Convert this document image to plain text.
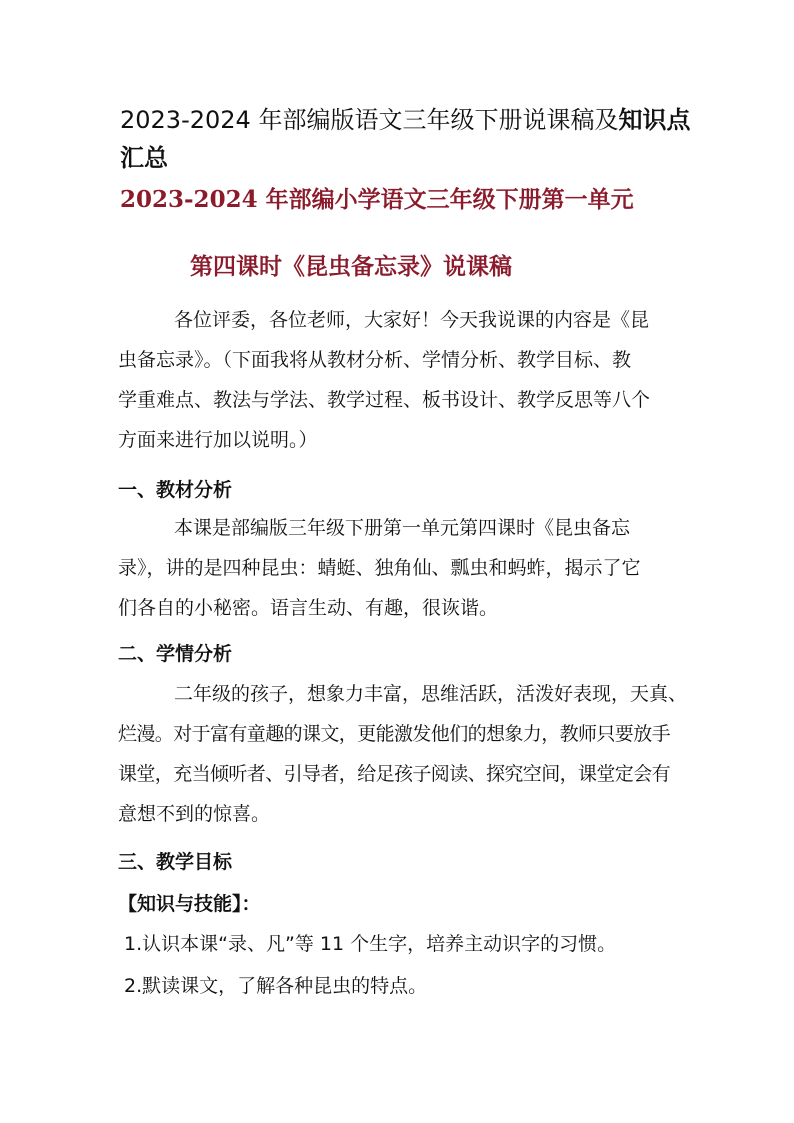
2023-2024 年部编版语文三年级下册说课稿及知识点
汇总
2023-2024 年部编小学语文三年级下册第一单元
第四课时《昆虫备忘录》说课稿
各位评委，各位老师，大家好！今天我说课的内容是《昆
虫备忘录》。（下面我将从教材分析、学情分析、教学目标、教
学重难点、教法与学法、教学过程、板书设计、教学反思等八个
方面来进行加以说明。）
一、教材分析
本课是部编版三年级下册第一单元第四课时《昆虫备忘
录》，讲的是四种昆虫：蜻蜓、独角仙、瓢虫和蚂蚱，揭示了它
们各自的小秘密。语言生动、有趣，很诙谐。
二、学情分析
二年级的孩子，想象力丰富，思维活跃，活泼好表现，天真、
烂漫。对于富有童趣的课文，更能激发他们的想象力，教师只要放手
课堂，充当倾听者、引导者，给足孩子阅读、探究空间，课堂定会有
意想不到的惊喜。
三、教学目标
【知识与技能】：
1.认识本课“录、凡”等 11 个生字，培养主动识字的习惯。
2.默读课文，了解各种昆虫的特点。
